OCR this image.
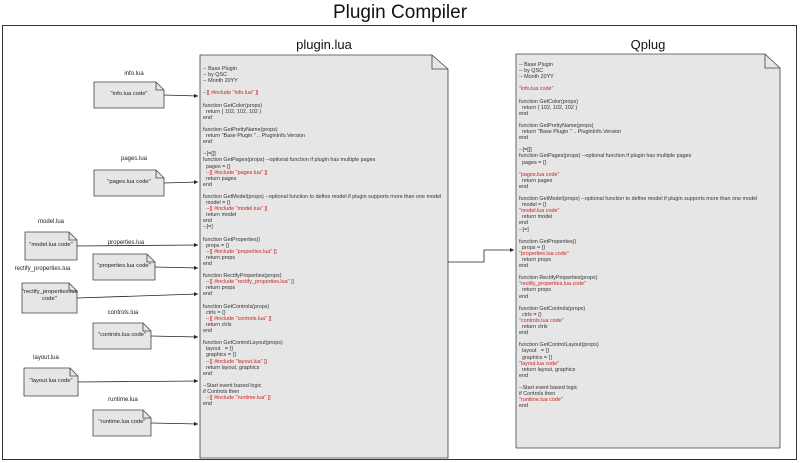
Plugin Compiler
plugin.lua	Qplug
-- Base Plugin
-- by QSC
-- Month 20YY

--[[ #include "info.lua" ]]

function GetColor(props)
return { 102, 102, 102 }
end

function GetPrettyName(props)
return "Base Plugin " .. PluginInfo.Version
end

--[=[]]
function GetPages(props) --optional function if plugin has multiple pages
pages = {}
--[[ #include "pages.lua" ]]
return pages
end

function GetModel(props) --optional function to define model if plugin supports more than one model
model = {}
--[[ #include "model.lua" ]]
return model
end
--]=]

function GetProperties()
props = {}
--[[ #include "properties.lua" ]]
return props
end

function RectifyProperties(props)
--[[ #include "rectify_properties.lua" ]]
return props
end

function GetControls(props)
ctrls = {}
--[[ #include "controls.lua" ]]
return ctrls
end

function GetControlLayout(props)
layout   = {}
graphics = {}
--[[ #include "layout.lua" ]]
return layout, graphics
end

--Start event based logic
if Controls then
--[[ #include "runtime.lua" ]]
end
-- Base Plugin
-- by QSC
-- Month 20YY

"info.lua code"

function GetColor(props)
return { 102, 102, 102 }
end

function GetPrettyName(props)
return "Base Plugin " .. PluginInfo.Version
end

--[=[]]
function GetPages(props) --optional function if plugin has multiple pages
pages = {}

"pages.lua code"
return pages
end

function GetModel(props) --optional function to define model if plugin supports more than one model
model = {}
"model.lua code"
return model
end
--]=]

function GetProperties()
props = {}
"properties.lua code"
return props
end

function RectifyProperties(props)
"rectify_properties.lua code"
return props
end

function GetControls(props)
ctrls = {}
"controls.lua code"
return ctrls
end

function GetControlLayout(props)
layout   = {}
graphics = {}
"layout.lua code"
return layout, graphics
end

--Start event based logic
if Controls then
"runtime.lua code"
end
info.lua
"info.lua code"
pages.lua
"pages.lua code"
model.lua
"model.lua code"	properties.lua
"properties.lua code"
rectify_properties.lua
"rectify_properties.lua code"
controls.lua
"controls.lua code"
layout.lua
"layout.lua code"
runtime.lua
"runtime.lua code"
